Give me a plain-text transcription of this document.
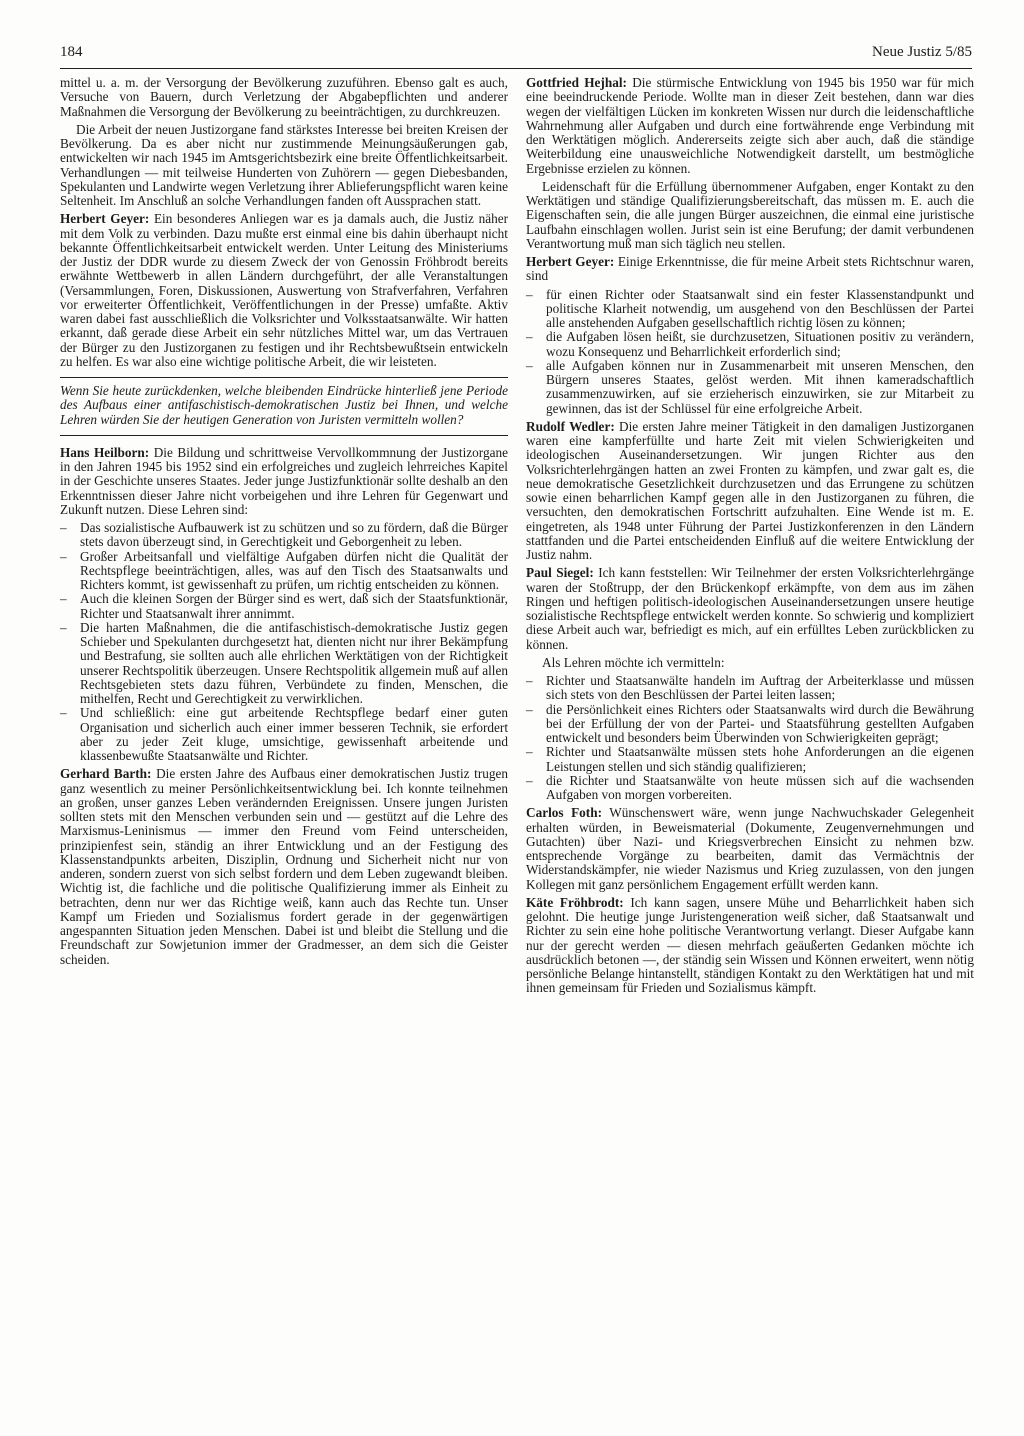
184	Neue Justiz 5/85

mittel u. a. m. der Versorgung der Bevölkerung zuzuführen. Ebenso galt es auch, Versuche von Bauern, durch Verletzung der Abgabepflichten und anderer Maßnahmen die Versorgung der Bevölkerung zu beeinträchtigen, zu durchkreuzen.

Die Arbeit der neuen Justizorgane fand stärkstes Interesse bei breiten Kreisen der Bevölkerung. Da es aber nicht nur zustimmende Meinungsäußerungen gab, entwickelten wir nach 1945 im Amtsgerichtsbezirk eine breite Öffentlichkeitsarbeit. Verhandlungen — mit teilweise Hunderten von Zuhörern — gegen Diebesbanden, Spekulanten und Landwirte wegen Verletzung ihrer Ablieferungspflicht waren keine Seltenheit. Im Anschluß an solche Verhandlungen fanden oft Aussprachen statt.

Herbert Geyer: Ein besonderes Anliegen war es ja damals auch, die Justiz näher mit dem Volk zu verbinden. Dazu mußte erst einmal eine bis dahin überhaupt nicht bekannte Öffentlichkeitsarbeit entwickelt werden. Unter Leitung des Ministeriums der Justiz der DDR wurde zu diesem Zweck der von Genossin Fröhbrodt bereits erwähnte Wettbewerb in allen Ländern durchgeführt, der alle Veranstaltungen (Versammlungen, Foren, Diskussionen, Auswertung von Strafverfahren, Verfahren vor erweiterter Öffentlichkeit, Veröffentlichungen in der Presse) umfaßte. Aktiv waren dabei fast ausschließlich die Volksrichter und Volksstaatsanwälte. Wir hatten erkannt, daß gerade diese Arbeit ein sehr nützliches Mittel war, um das Vertrauen der Bürger zu den Justizorganen zu festigen und ihr Rechtsbewußtsein entwickeln zu helfen. Es war also eine wichtige politische Arbeit, die wir leisteten.

Wenn Sie heute zurückdenken, welche bleibenden Eindrücke hinterließ jene Periode des Aufbaus einer antifaschistisch-demokratischen Justiz bei Ihnen, und welche Lehren würden Sie der heutigen Generation von Juristen vermitteln wollen?

Hans Heilborn: Die Bildung und schrittweise Vervollkommnung der Justizorgane in den Jahren 1945 bis 1952 sind ein erfolgreiches und zugleich lehrreiches Kapitel in der Geschichte unseres Staates. Jeder junge Justizfunktionär sollte deshalb an den Erkenntnissen dieser Jahre nicht vorbeigehen und ihre Lehren für Gegenwart und Zukunft nutzen. Diese Lehren sind:

– Das sozialistische Aufbauwerk ist zu schützen und so zu fördern, daß die Bürger stets davon überzeugt sind, in Gerechtigkeit und Geborgenheit zu leben.
– Großer Arbeitsanfall und vielfältige Aufgaben dürfen nicht die Qualität der Rechtspflege beeinträchtigen, alles, was auf den Tisch des Staatsanwalts und Richters kommt, ist gewissenhaft zu prüfen, um richtig entscheiden zu können.
– Auch die kleinen Sorgen der Bürger sind es wert, daß sich der Staatsfunktionär, Richter und Staatsanwalt ihrer annimmt.
– Die harten Maßnahmen, die die antifaschistisch-demokratische Justiz gegen Schieber und Spekulanten durchgesetzt hat, dienten nicht nur ihrer Bekämpfung und Bestrafung, sie sollten auch alle ehrlichen Werktätigen von der Richtigkeit unserer Rechtspolitik überzeugen. Unsere Rechtspolitik allgemein muß auf allen Rechtsgebieten stets dazu führen, Verbündete zu finden, Menschen, die mithelfen, Recht und Gerechtigkeit zu verwirklichen.
– Und schließlich: eine gut arbeitende Rechtspflege bedarf einer guten Organisation und sicherlich auch einer immer besseren Technik, sie erfordert aber zu jeder Zeit kluge, umsichtige, gewissenhaft arbeitende und klassenbewußte Staatsanwälte und Richter.

Gerhard Barth: Die ersten Jahre des Aufbaus einer demokratischen Justiz trugen ganz wesentlich zu meiner Persönlichkeitsentwicklung bei. Ich konnte teilnehmen an großen, unser ganzes Leben verändernden Ereignissen. Unsere jungen Juristen sollten stets mit den Menschen verbunden sein und — gestützt auf die Lehre des Marxismus-Leninismus — immer den Freund vom Feind unterscheiden, prinzipienfest sein, ständig an ihrer Entwicklung und an der Festigung des Klassenstandpunkts arbeiten, Disziplin, Ordnung und Sicherheit nicht nur von anderen, sondern zuerst von sich selbst fordern und dem Leben zugewandt bleiben. Wichtig ist, die fachliche und die politische Qualifizierung immer als Einheit zu betrachten, denn nur wer das Richtige weiß, kann auch das Rechte tun. Unser Kampf um Frieden und Sozialismus fordert gerade in der gegenwärtigen angespannten Situation jeden Menschen. Dabei ist und bleibt die Stellung und die Freundschaft zur Sowjetunion immer der Gradmesser, an dem sich die Geister scheiden.

Gottfried Hejhal: Die stürmische Entwicklung von 1945 bis 1950 war für mich eine beeindruckende Periode. Wollte man in dieser Zeit bestehen, dann war dies wegen der vielfältigen Lücken im konkreten Wissen nur durch die leidenschaftliche Wahrnehmung aller Aufgaben und durch eine fortwährende enge Verbindung mit den Werktätigen möglich. Andererseits zeigte sich aber auch, daß die ständige Weiterbildung eine unausweichliche Notwendigkeit darstellt, um bestmögliche Ergebnisse erzielen zu können.

Leidenschaft für die Erfüllung übernommener Aufgaben, enger Kontakt zu den Werktätigen und ständige Qualifizierungsbereitschaft, das müssen m. E. auch die Eigenschaften sein, die alle jungen Bürger auszeichnen, die einmal eine juristische Laufbahn einschlagen wollen. Jurist sein ist eine Berufung; der damit verbundenen Verantwortung muß man sich täglich neu stellen.

Herbert Geyer: Einige Erkenntnisse, die für meine Arbeit stets Richtschnur waren, sind

– für einen Richter oder Staatsanwalt sind ein fester Klassenstandpunkt und politische Klarheit notwendig, um ausgehend von den Beschlüssen der Partei alle anstehenden Aufgaben gesellschaftlich richtig lösen zu können;
– die Aufgaben lösen heißt, sie durchzusetzen, Situationen positiv zu verändern, wozu Konsequenz und Beharrlichkeit erforderlich sind;
– alle Aufgaben können nur in Zusammenarbeit mit unseren Menschen, den Bürgern unseres Staates, gelöst werden. Mit ihnen kameradschaftlich zusammenzuwirken, auf sie erzieherisch einzuwirken, sie zur Mitarbeit zu gewinnen, das ist der Schlüssel für eine erfolgreiche Arbeit.

Rudolf Wedler: Die ersten Jahre meiner Tätigkeit in den damaligen Justizorganen waren eine kampferfüllte und harte Zeit mit vielen Schwierigkeiten und ideologischen Auseinandersetzungen. Wir jungen Richter aus den Volksrichterlehrgängen hatten an zwei Fronten zu kämpfen, und zwar galt es, die neue demokratische Gesetzlichkeit durchzusetzen und das Errungene zu schützen sowie einen beharrlichen Kampf gegen alle in den Justizorganen zu führen, die versuchten, den demokratischen Fortschritt aufzuhalten. Eine Wende ist m. E. eingetreten, als 1948 unter Führung der Partei Justizkonferenzen in den Ländern stattfanden und die Partei entscheidenden Einfluß auf die weitere Entwicklung der Justiz nahm.

Paul Siegel: Ich kann feststellen: Wir Teilnehmer der ersten Volksrichterlehrgänge waren der Stoßtrupp, der den Brückenkopf erkämpfte, von dem aus im zähen Ringen und heftigen politisch-ideologischen Auseinandersetzungen unsere heutige sozialistische Rechtspflege entwickelt werden konnte. So schwierig und kompliziert diese Arbeit auch war, befriedigt es mich, auf ein erfülltes Leben zurückblicken zu können.

Als Lehren möchte ich vermitteln:

– Richter und Staatsanwälte handeln im Auftrag der Arbeiterklasse und müssen sich stets von den Beschlüssen der Partei leiten lassen;
– die Persönlichkeit eines Richters oder Staatsanwalts wird durch die Bewährung bei der Erfüllung der von der Partei- und Staatsführung gestellten Aufgaben entwickelt und besonders beim Überwinden von Schwierigkeiten geprägt;
– Richter und Staatsanwälte müssen stets hohe Anforderungen an die eigenen Leistungen stellen und sich ständig qualifizieren;
– die Richter und Staatsanwälte von heute müssen sich auf die wachsenden Aufgaben von morgen vorbereiten.

Carlos Foth: Wünschenswert wäre, wenn junge Nachwuchskader Gelegenheit erhalten würden, in Beweismaterial (Dokumente, Zeugenvernehmungen und Gutachten) über Nazi- und Kriegsverbrechen Einsicht zu nehmen bzw. entsprechende Vorgänge zu bearbeiten, damit das Vermächtnis der Widerstandskämpfer, nie wieder Nazismus und Krieg zuzulassen, von den jungen Kollegen mit ganz persönlichem Engagement erfüllt werden kann.

Käte Fröhbrodt: Ich kann sagen, unsere Mühe und Beharrlichkeit haben sich gelohnt. Die heutige junge Juristengeneration weiß sicher, daß Staatsanwalt und Richter zu sein eine hohe politische Verantwortung verlangt. Dieser Aufgabe kann nur der gerecht werden — diesen mehrfach geäußerten Gedanken möchte ich ausdrücklich betonen —, der ständig sein Wissen und Können erweitert, wenn nötig persönliche Belange hintanstellt, ständigen Kontakt zu den Werktätigen hat und mit ihnen gemeinsam für Frieden und Sozialismus kämpft.
